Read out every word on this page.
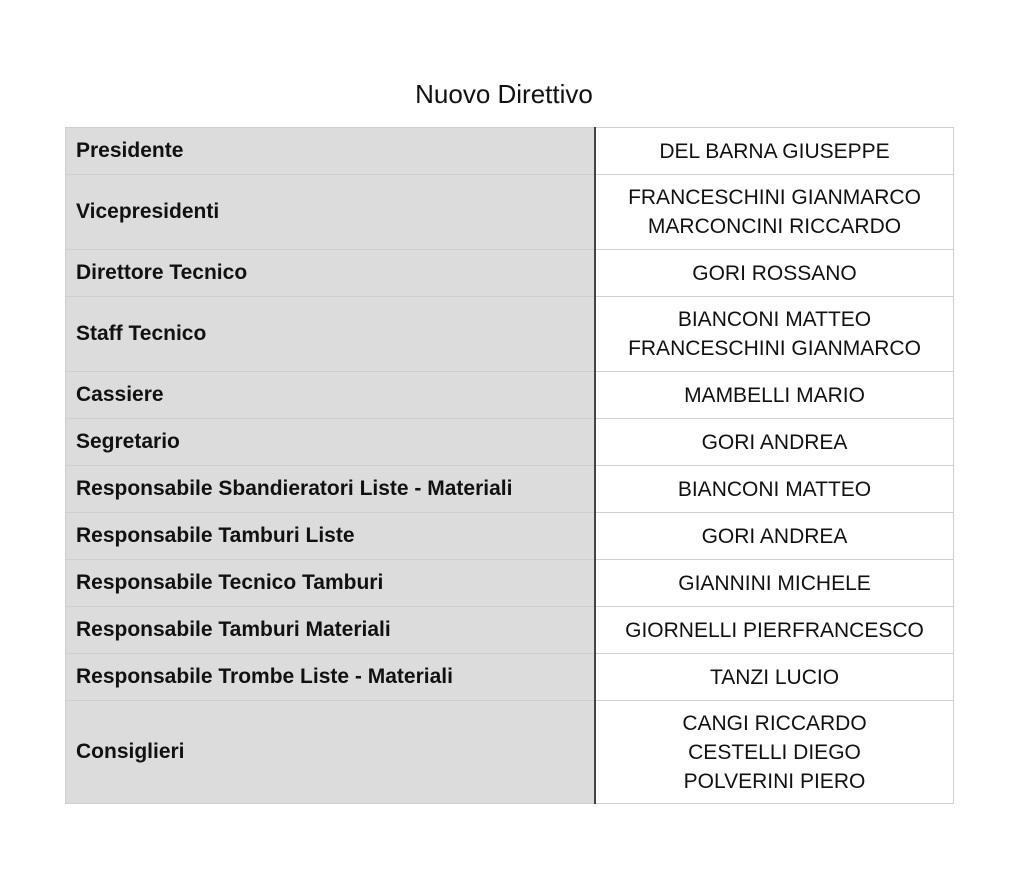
Nuovo Direttivo
Presidente	DEL BARNA GIUSEPPE

Vicepresidenti	FRANCESCHINI GIANMARCO
MARCONCINI RICCARDO

Direttore Tecnico	GORI ROSSANO

Staff Tecnico	BIANCONI MATTEO
FRANCESCHINI GIANMARCO

Cassiere	MAMBELLI MARIO

Segretario	GORI ANDREA

Responsabile Sbandieratori Liste - Materiali	BIANCONI MATTEO

Responsabile Tamburi Liste	GORI ANDREA

Responsabile Tecnico Tamburi	GIANNINI MICHELE

Responsabile Tamburi Materiali	GIORNELLI PIERFRANCESCO

Responsabile Trombe Liste - Materiali	TANZI LUCIO

Consiglieri	CANGI RICCARDO
CESTELLI DIEGO
POLVERINI PIERO
